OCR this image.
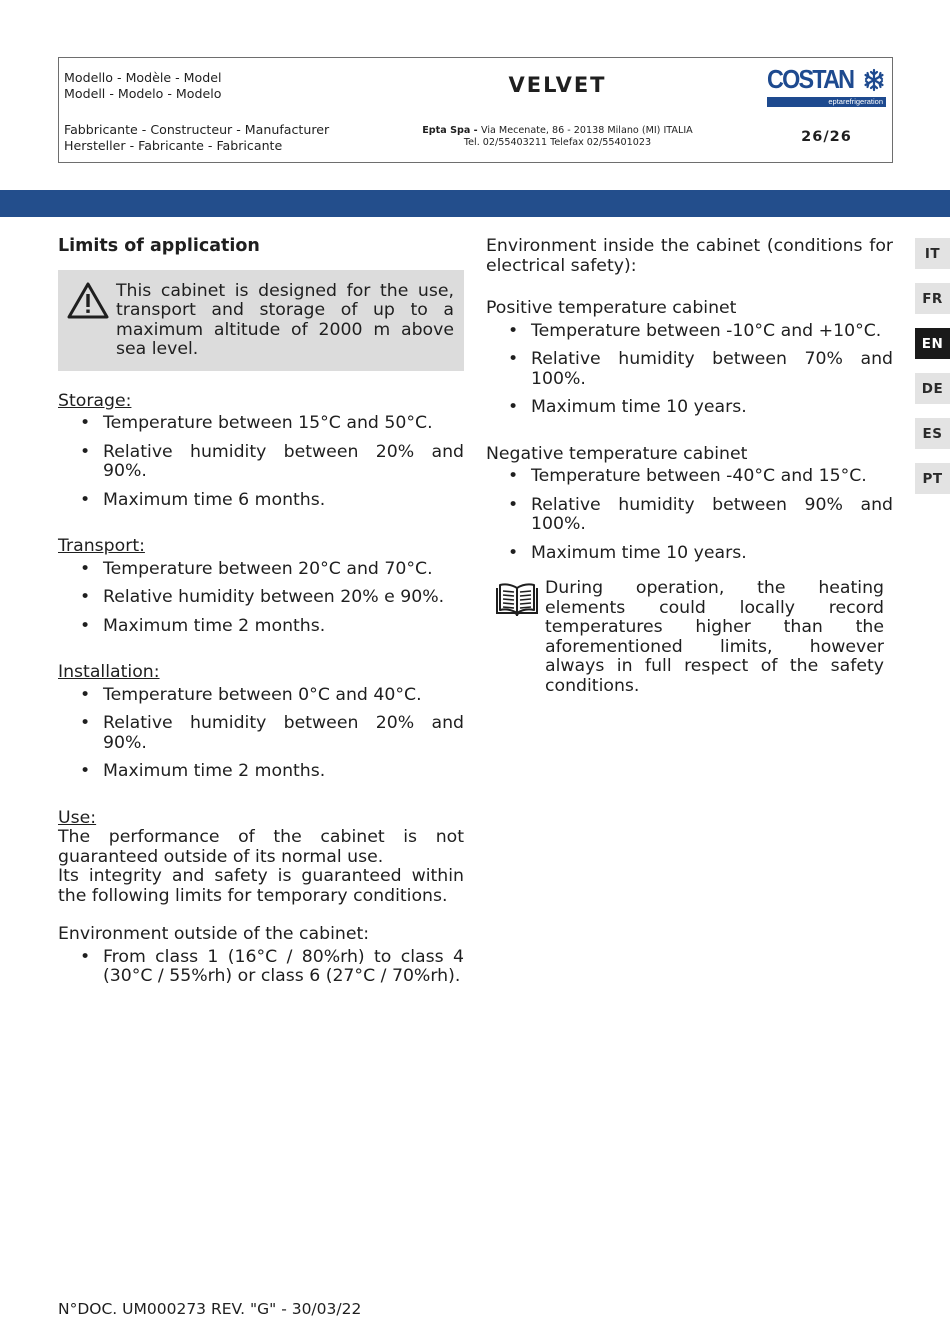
Modello - Modèle - Model
Modell - Modelo - Modelo	VELVET	COSTAN
eptarefrigeration
Fabbricante - Constructeur - Manufacturer
Hersteller - Fabricante - Fabricante
Epta Spa - Via Mecenate, 86 - 20138 Milano (MI) ITALIA
Tel. 02/55403211 Telefax 02/55401023	26/26
IT
FR
EN
DE
ES
PT
Limits of application
This cabinet is designed for the use, transport and storage of up to a maximum altitude of 2000 m above sea level.
Storage:
• Temperature between 15°C and 50°C.
• Relative humidity between 20% and 90%.
• Maximum time 6 months.
Transport:
• Temperature between 20°C and 70°C.
• Relative humidity between 20% e 90%.
• Maximum time 2 months.
Installation:
• Temperature between 0°C and 40°C.
• Relative humidity between 20% and 90%.
• Maximum time 2 months.
Use:
The performance of the cabinet is not guaranteed outside of its normal use.
Its integrity and safety is guaranteed within the following limits for temporary conditions.
Environment outside of the cabinet:
• From class 1 (16°C / 80%rh) to class 4 (30°C / 55%rh) or class 6 (27°C / 70%rh).
Environment inside the cabinet (conditions for electrical safety):
Positive temperature cabinet
• Temperature between -10°C and +10°C.
• Relative humidity between 70% and 100%.
• Maximum time 10 years.
Negative temperature cabinet
• Temperature between -40°C and 15°C.
• Relative humidity between 90% and 100%.
• Maximum time 10 years.
During operation, the heating elements could locally record temperatures higher than the aforementioned limits, however always in full respect of the safety conditions.
N°DOC. UM000273 REV. "G" - 30/03/22
